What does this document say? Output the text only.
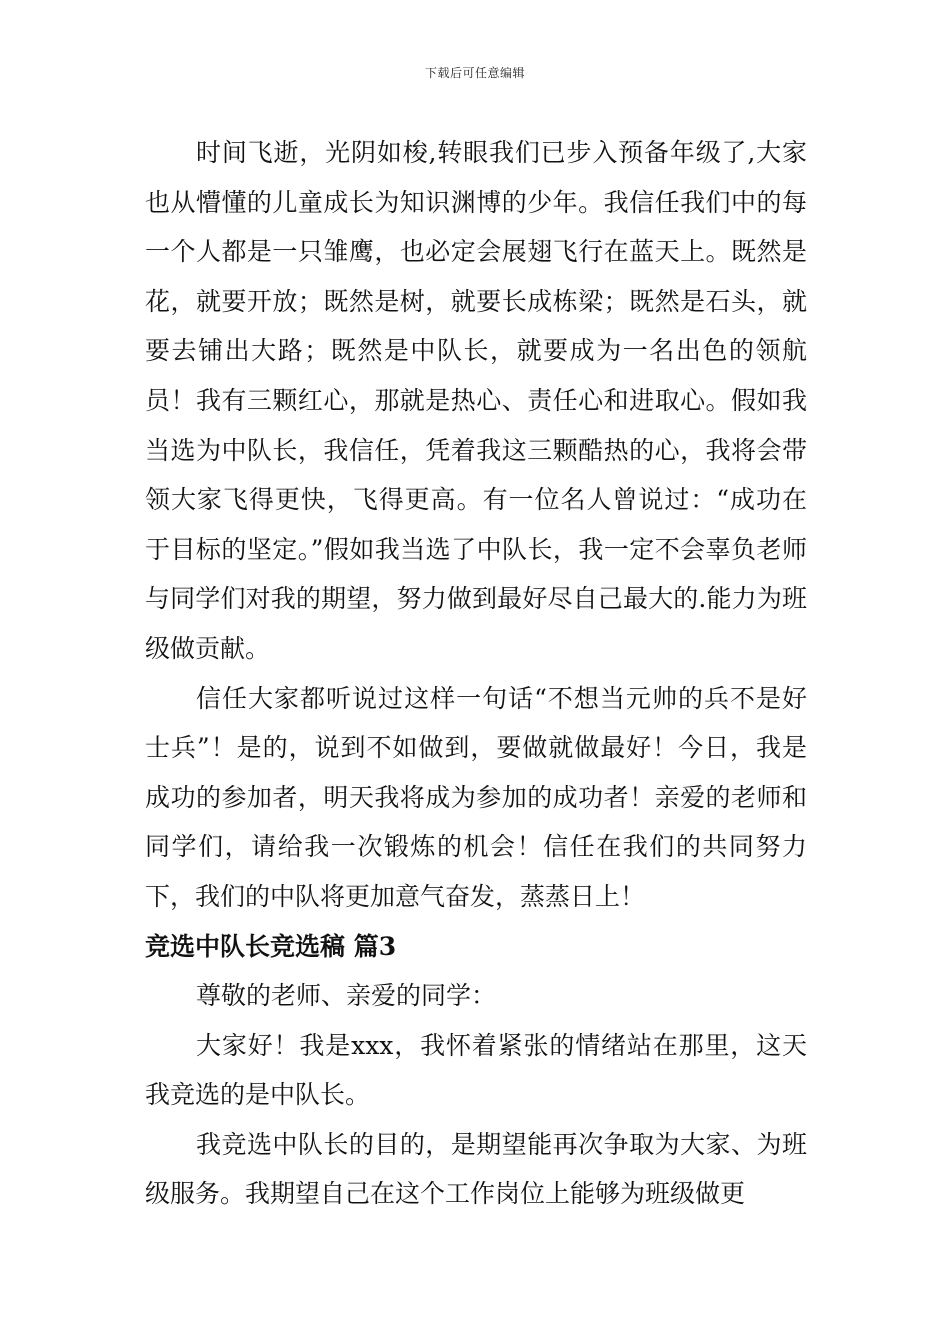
下载后可任意编辑

时间飞逝，光阴如梭,转眼我们已步入预备年级了,大家也从懵懂的儿童成长为知识渊博的少年。我信任我们中的每一个人都是一只雏鹰，也必定会展翅飞行在蓝天上。既然是花，就要开放；既然是树，就要长成栋梁；既然是石头，就要去铺出大路；既然是中队长，就要成为一名出色的领航员！我有三颗红心，那就是热心、责任心和进取心。假如我当选为中队长，我信任，凭着我这三颗酷热的心，我将会带领大家飞得更快，飞得更高。有一位名人曾说过：“成功在于目标的坚定。”假如我当选了中队长，我一定不会辜负老师与同学们对我的期望，努力做到最好尽自己最大的.能力为班级做贡献。

信任大家都听说过这样一句话“不想当元帅的兵不是好士兵”！是的，说到不如做到，要做就做最好！今日，我是成功的参加者，明天我将成为参加的成功者！亲爱的老师和同学们，请给我一次锻炼的机会！信任在我们的共同努力下，我们的中队将更加意气奋发，蒸蒸日上！

竞选中队长竞选稿 篇3

尊敬的老师、亲爱的同学：

大家好！我是xxx，我怀着紧张的情绪站在那里，这天我竞选的是中队长。

我竞选中队长的目的，是期望能再次争取为大家、为班级服务。我期望自己在这个工作岗位上能够为班级做更
